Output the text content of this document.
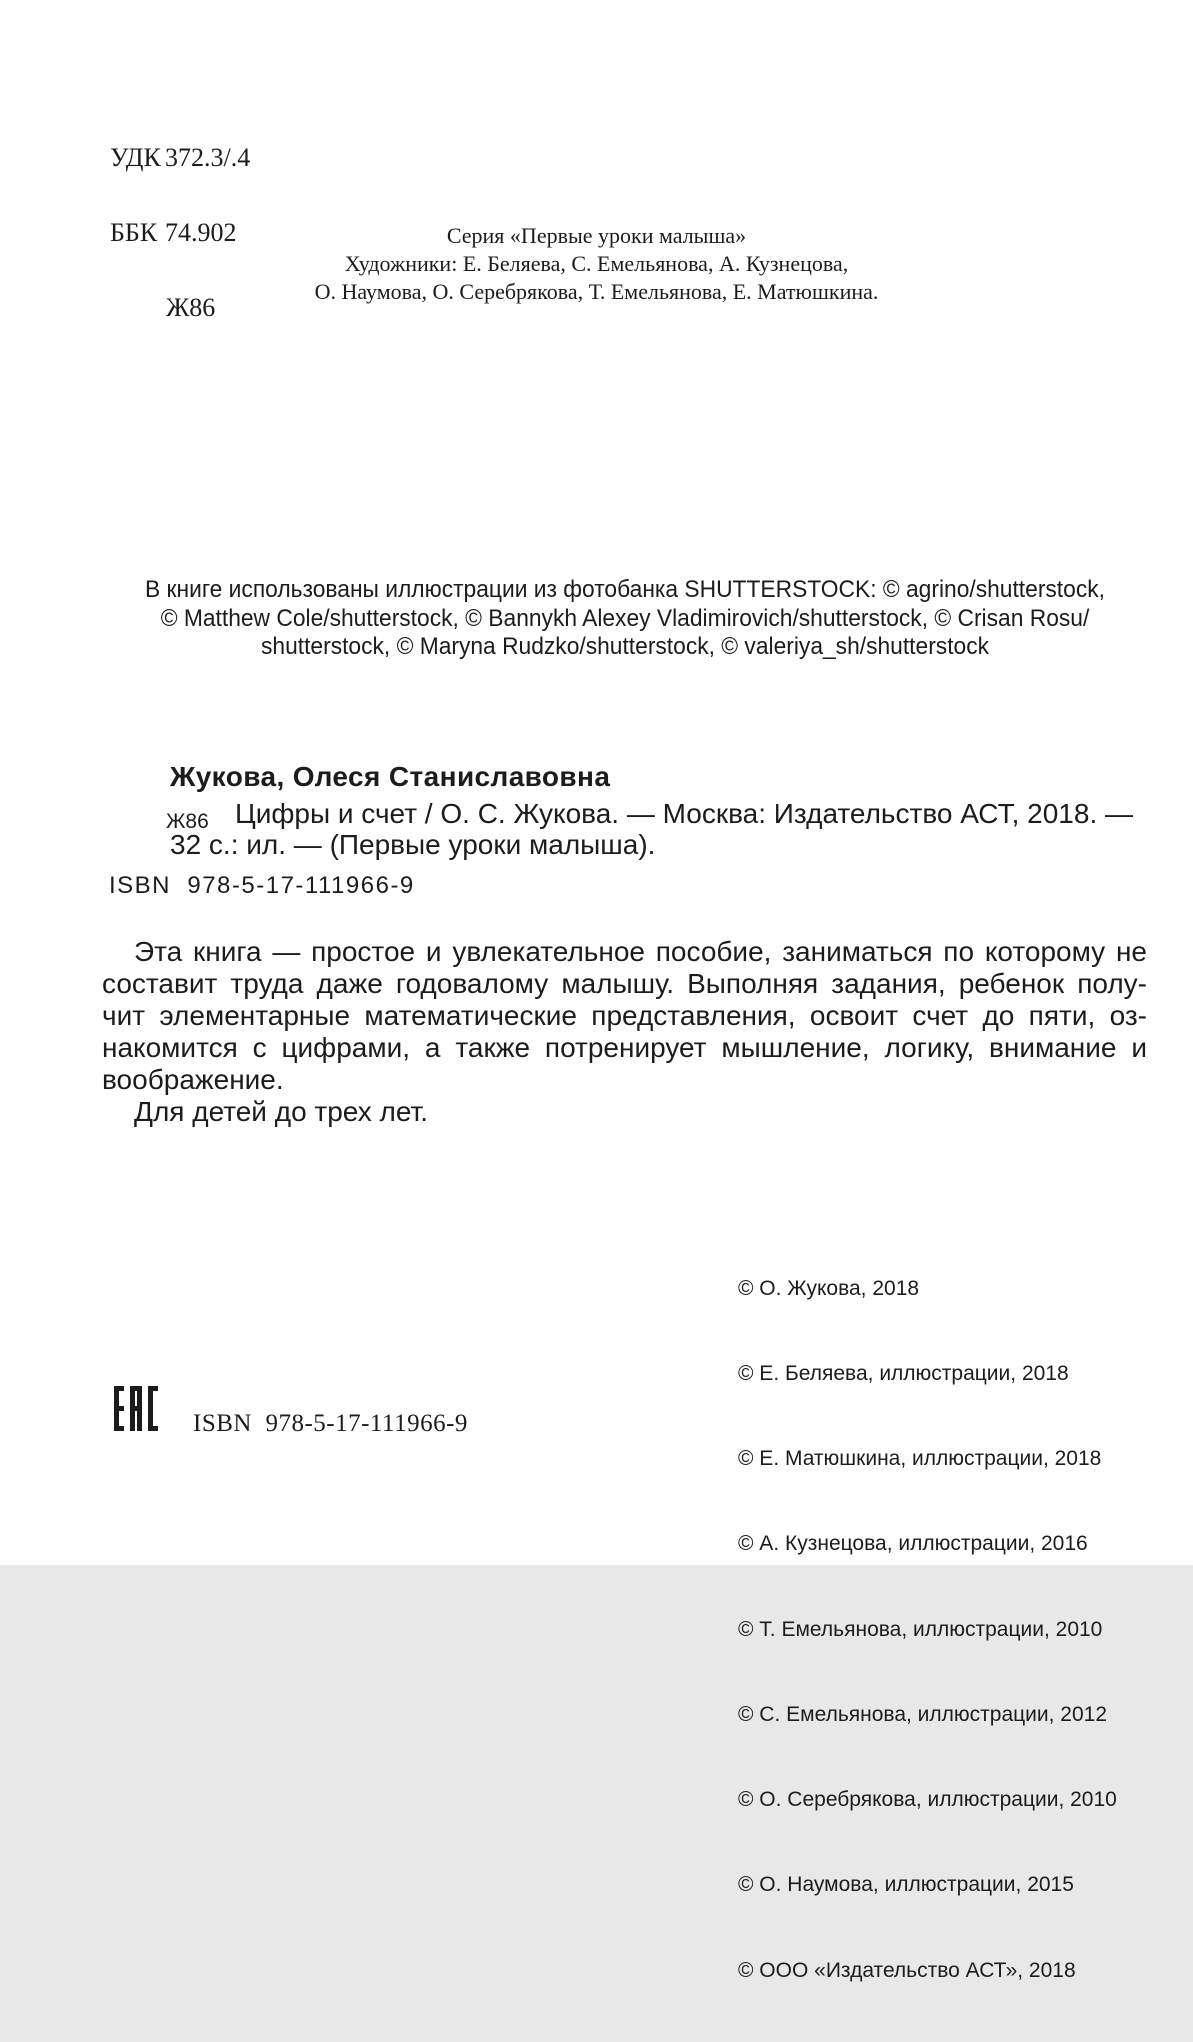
УДК 372.3/.4

ББК 74.902

Ж86

Серия «Первые уроки малыша»
Художники: Е. Беляева, С. Емельянова, А. Кузнецова,
О. Наумова, О. Серебрякова, Т. Емельянова, Е. Матюшкина.
В книге использованы иллюстрации из фотобанка SHUTTERSTOCK: © agrino/shutterstock,
© Matthew Cole/shutterstock, © Bannykh Alexey Vladimirovich/shutterstock, © Crisan Rosu/
shutterstock, © Maryna Rudzko/shutterstock, © valeriya_sh/shutterstock
Жукова, Олеся Станиславовна
Ж86 Цифры и счет / О. С. Жукова. — Москва: Издательство АСТ, 2018. —
32 с.: ил. — (Первые уроки малыша).
ISBN  978-5-17-111966-9
Эта книга — простое и увлекательное пособие, заниматься по которому не
составит труда даже годовалому малышу. Выполняя задания, ребенок полу-
чит элементарные математические представления, освоит счет до пяти, оз-
накомится с цифрами, а также потренирует мышление, логику, внимание и
воображение.
Для детей до трех лет.

© О. Жукова, 2018

© Е. Беляева, иллюстрации, 2018

© Е. Матюшкина, иллюстрации, 2018

© А. Кузнецова, иллюстрации, 2016

© Т. Емельянова, иллюстрации, 2010

© С. Емельянова, иллюстрации, 2012

© О. Серебрякова, иллюстрации, 2010

© О. Наумова, иллюстрации, 2015

© ООО «Издательство АСТ», 2018

ISBN  978-5-17-111966-9
